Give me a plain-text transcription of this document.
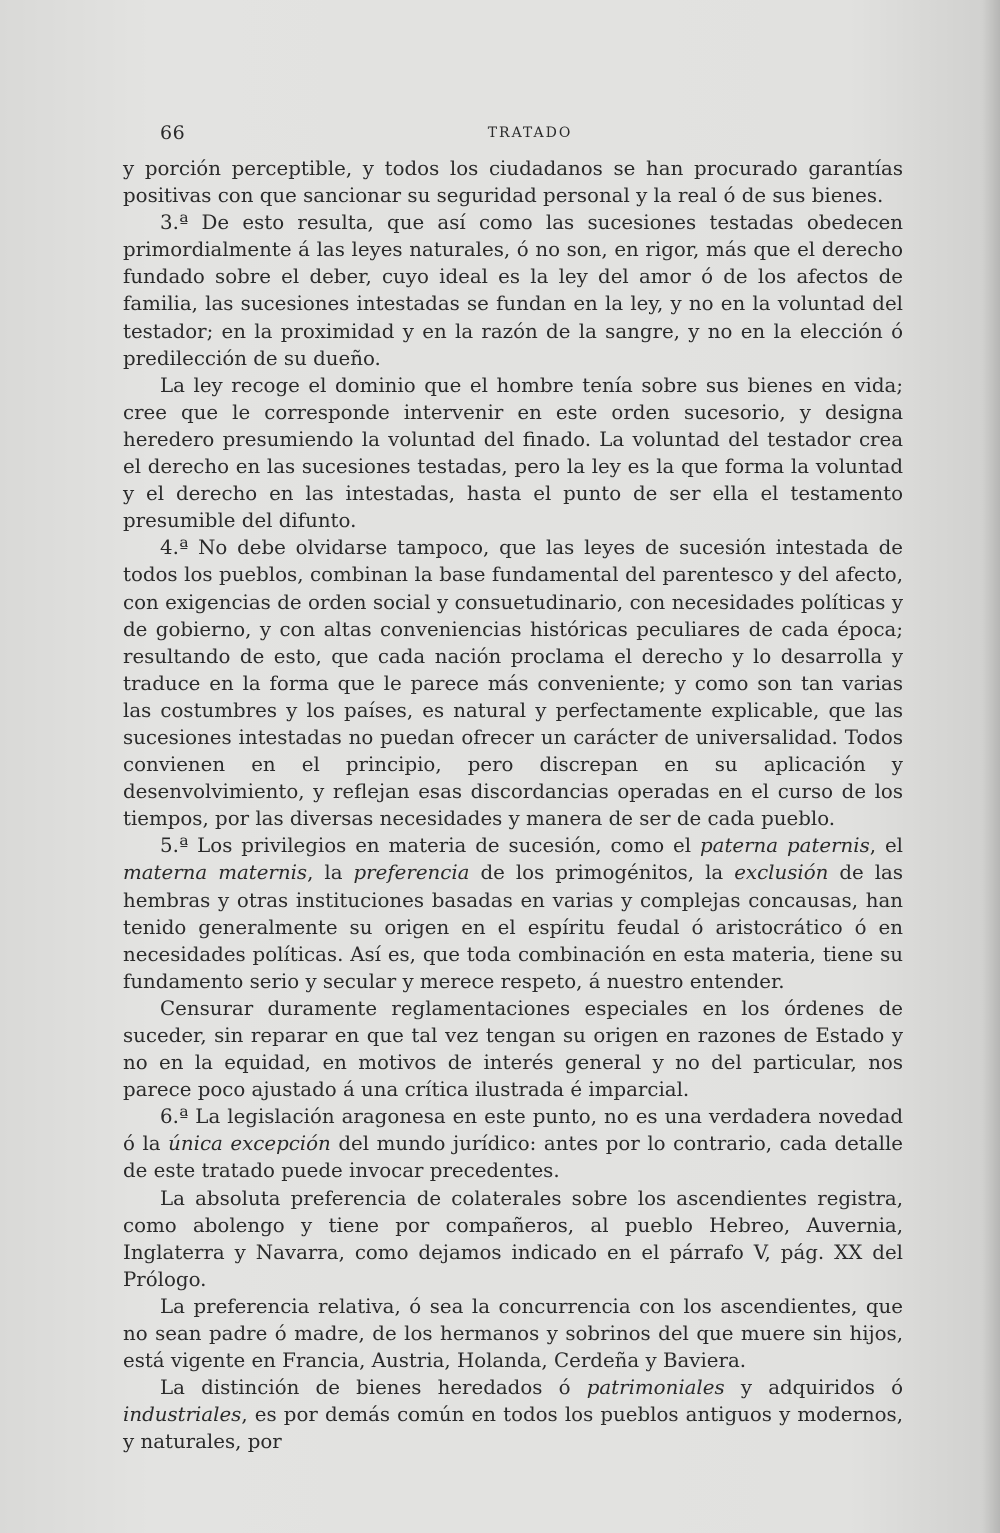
66	TRATADO

y porción perceptible, y todos los ciudadanos se han procurado garantías positivas con que sancionar su seguridad personal y la real ó de sus bienes.

3.ª De esto resulta, que así como las sucesiones testadas obedecen primordialmente á las leyes naturales, ó no son, en rigor, más que el derecho fundado sobre el deber, cuyo ideal es la ley del amor ó de los afectos de familia, las sucesiones intestadas se fundan en la ley, y no en la voluntad del testador; en la proximidad y en la razón de la sangre, y no en la elección ó predilección de su dueño.

La ley recoge el dominio que el hombre tenía sobre sus bienes en vida; cree que le corresponde intervenir en este orden sucesorio, y designa heredero presumiendo la voluntad del finado. La voluntad del testador crea el derecho en las sucesiones testadas, pero la ley es la que forma la voluntad y el derecho en las intestadas, hasta el punto de ser ella el testamento presumible del difunto.

4.ª No debe olvidarse tampoco, que las leyes de sucesión intestada de todos los pueblos, combinan la base fundamental del parentesco y del afecto, con exigencias de orden social y consuetudinario, con necesidades políticas y de gobierno, y con altas conveniencias históricas peculiares de cada época; resultando de esto, que cada nación proclama el derecho y lo desarrolla y traduce en la forma que le parece más conveniente; y como son tan varias las costumbres y los países, es natural y perfectamente explicable, que las sucesiones intestadas no puedan ofrecer un carácter de universalidad. Todos convienen en el principio, pero discrepan en su aplicación y desenvolvimiento, y reflejan esas discordancias operadas en el curso de los tiempos, por las diversas necesidades y manera de ser de cada pueblo.

5.ª Los privilegios en materia de sucesión, como el paterna paternis, el materna maternis, la preferencia de los primogénitos, la exclusión de las hembras y otras instituciones basadas en varias y complejas concausas, han tenido generalmente su origen en el espíritu feudal ó aristocrático ó en necesidades políticas. Así es, que toda combinación en esta materia, tiene su fundamento serio y secular y merece respeto, á nuestro entender.

Censurar duramente reglamentaciones especiales en los órdenes de suceder, sin reparar en que tal vez tengan su origen en razones de Estado y no en la equidad, en motivos de interés general y no del particular, nos parece poco ajustado á una crítica ilustrada é imparcial.

6.ª La legislación aragonesa en este punto, no es una verdadera novedad ó la única excepción del mundo jurídico: antes por lo contrario, cada detalle de este tratado puede invocar precedentes.

La absoluta preferencia de colaterales sobre los ascendientes registra, como abolengo y tiene por compañeros, al pueblo Hebreo, Auvernia, Inglaterra y Navarra, como dejamos indicado en el párrafo V, pág. XX del Prólogo.

La preferencia relativa, ó sea la concurrencia con los ascendientes, que no sean padre ó madre, de los hermanos y sobrinos del que muere sin hijos, está vigente en Francia, Austria, Holanda, Cerdeña y Baviera.

La distinción de bienes heredados ó patrimoniales y adquiridos ó industriales, es por demás común en todos los pueblos antiguos y modernos, y naturales, por
